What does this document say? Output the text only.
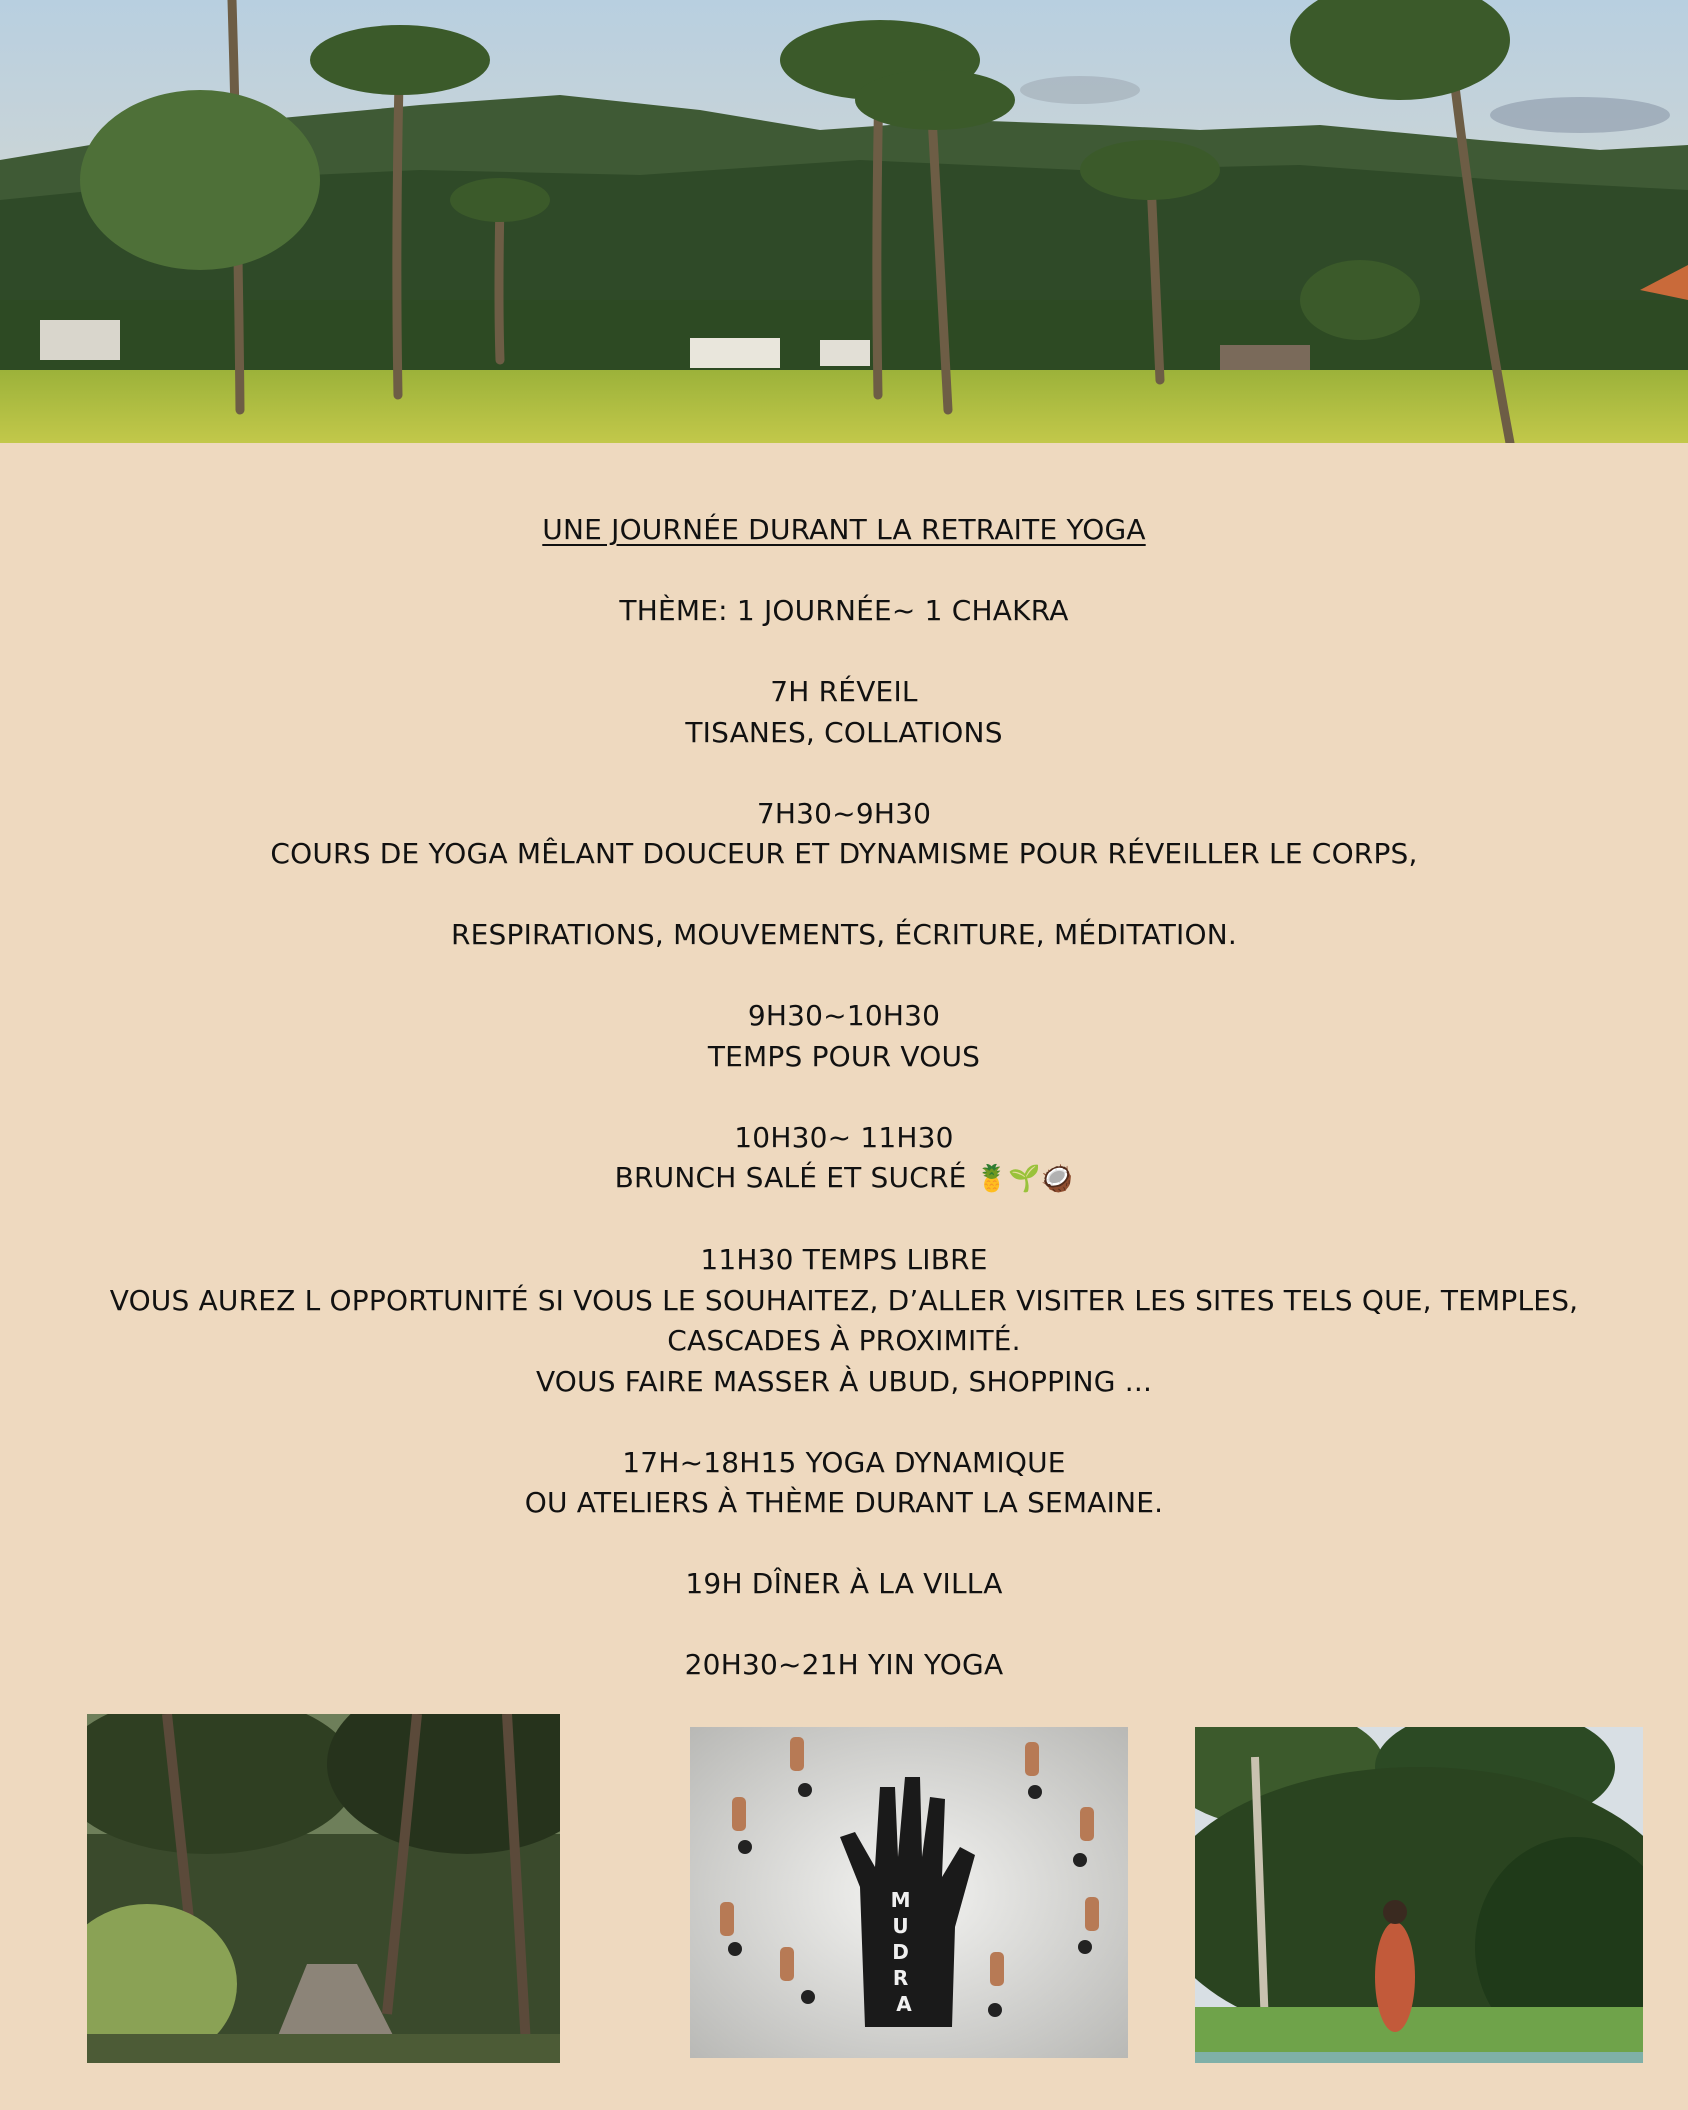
UNE JOURNÉE DURANT LA RETRAITE YOGA

THÈME: 1 JOURNÉE~ 1 CHAKRA

7H RÉVEIL

TISANES, COLLATIONS

7H30~9H30

COURS DE YOGA MÊLANT DOUCEUR ET DYNAMISME POUR RÉVEILLER LE CORPS,

RESPIRATIONS, MOUVEMENTS, ÉCRITURE, MÉDITATION.

9H30~10H30

TEMPS POUR VOUS

10H30~ 11H30

BRUNCH SALÉ ET SUCRÉ 🍍🌱🥥

11H30 TEMPS LIBRE

VOUS AUREZ L OPPORTUNITÉ SI VOUS LE SOUHAITEZ, D’ALLER VISITER LES SITES TELS QUE, TEMPLES, CASCADES À PROXIMITÉ.

VOUS FAIRE MASSER À UBUD, SHOPPING ...

17H~18H15 YOGA DYNAMIQUE

OU ATELIERS À THÈME DURANT LA SEMAINE.

19H DÎNER À LA VILLA

20H30~21H YIN YOGA

M U D R A
